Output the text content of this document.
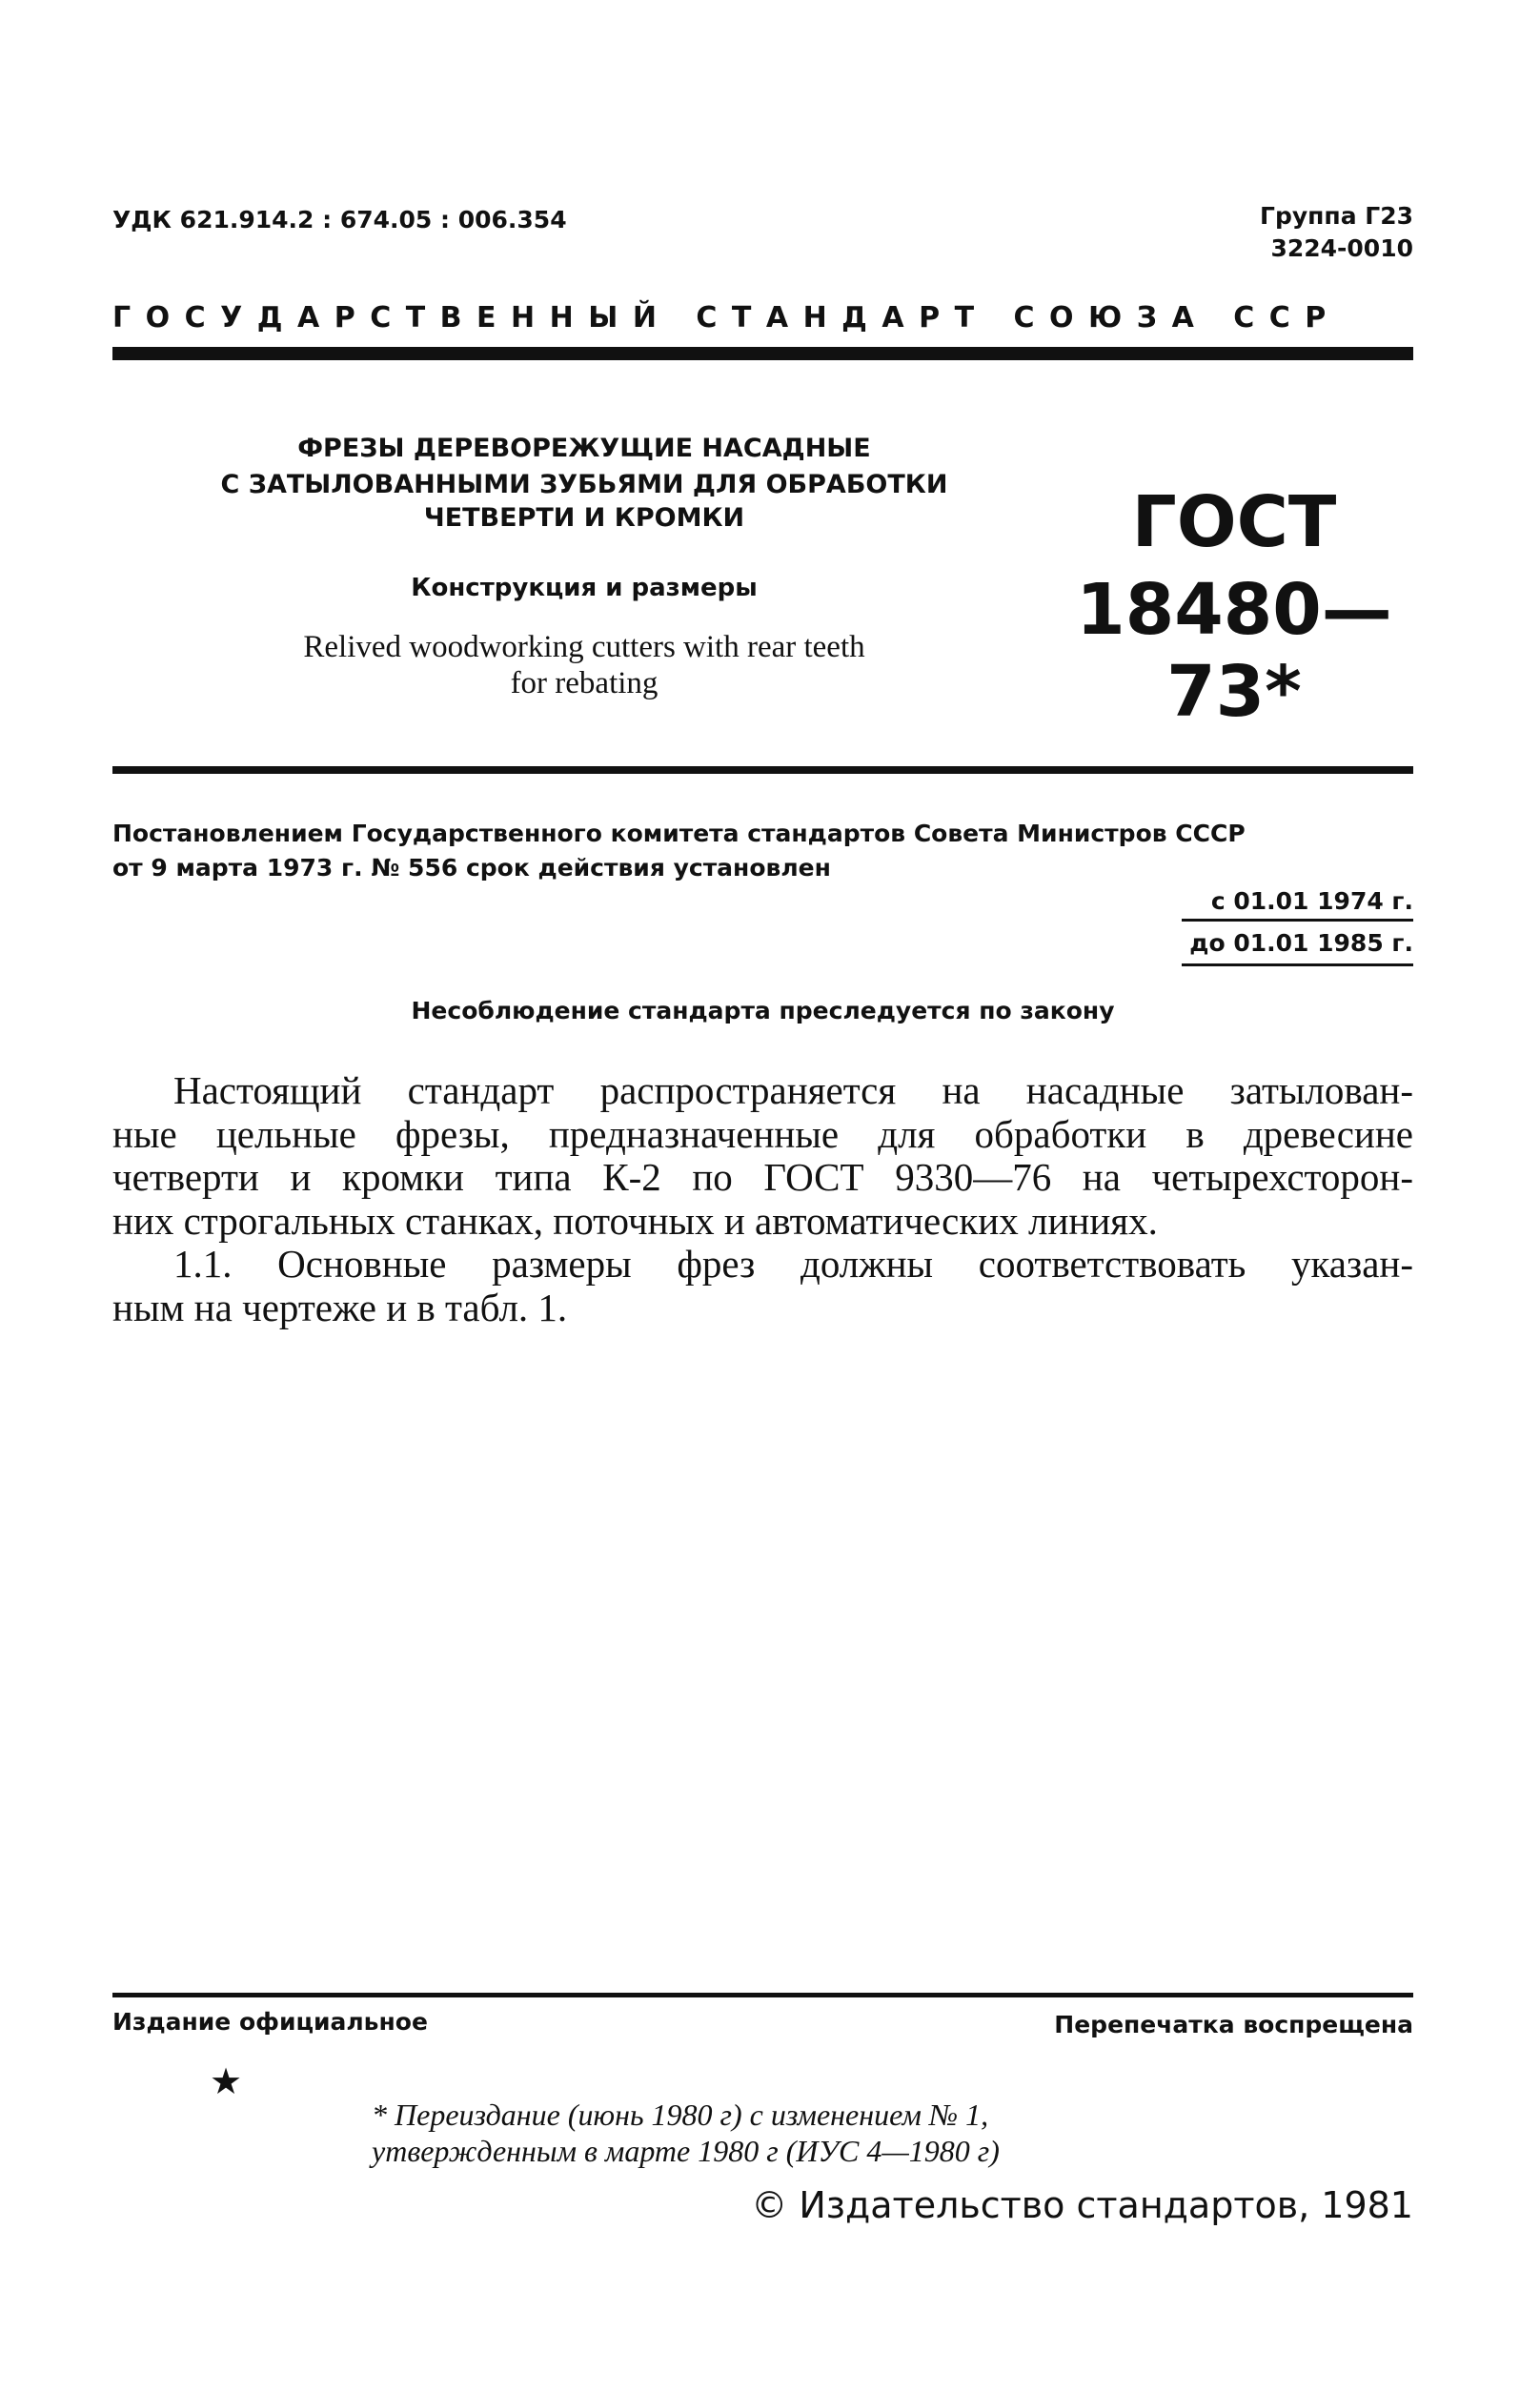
УДК 621.914.2 : 674.05 : 006.354	Группа Г23
3224-0010
ГОСУДАРСТВЕННЫЙ СТАНДАРТ СОЮЗА ССР
ФРЕЗЫ ДЕРЕВОРЕЖУЩИЕ НАСАДНЫЕ
С ЗАТЫЛОВАННЫМИ ЗУБЬЯМИ ДЛЯ ОБРАБОТКИ
ЧЕТВЕРТИ И КРОМКИ
Конструкция и размеры
Relived woodworking cutters with rear teeth
for rebating
ГОСТ
18480—73*
Постановлением Государственного комитета стандартов Совета Министров СССР
от 9 марта 1973 г. № 556 срок действия установлен
с 01.01 1974 г.
до 01.01 1985 г.
Несоблюдение стандарта преследуется по закону
Настоящий стандарт распространяется на насадные затылован-
ные цельные фрезы, предназначенные для обработки в древесине
четверти и кромки типа К-2 по ГОСТ 9330—76 на четырехсторон-
них строгальных станках, поточных и автоматических линиях.
1.1. Основные размеры фрез должны соответствовать указан-
ным на чертеже и в табл. 1.
Издание официальное	Перепечатка воспрещена
★
* Переиздание (июнь 1980 г) с изменением № 1,
утвержденным в марте 1980 г (ИУС 4—1980 г)
© Издательство стандартов, 1981
